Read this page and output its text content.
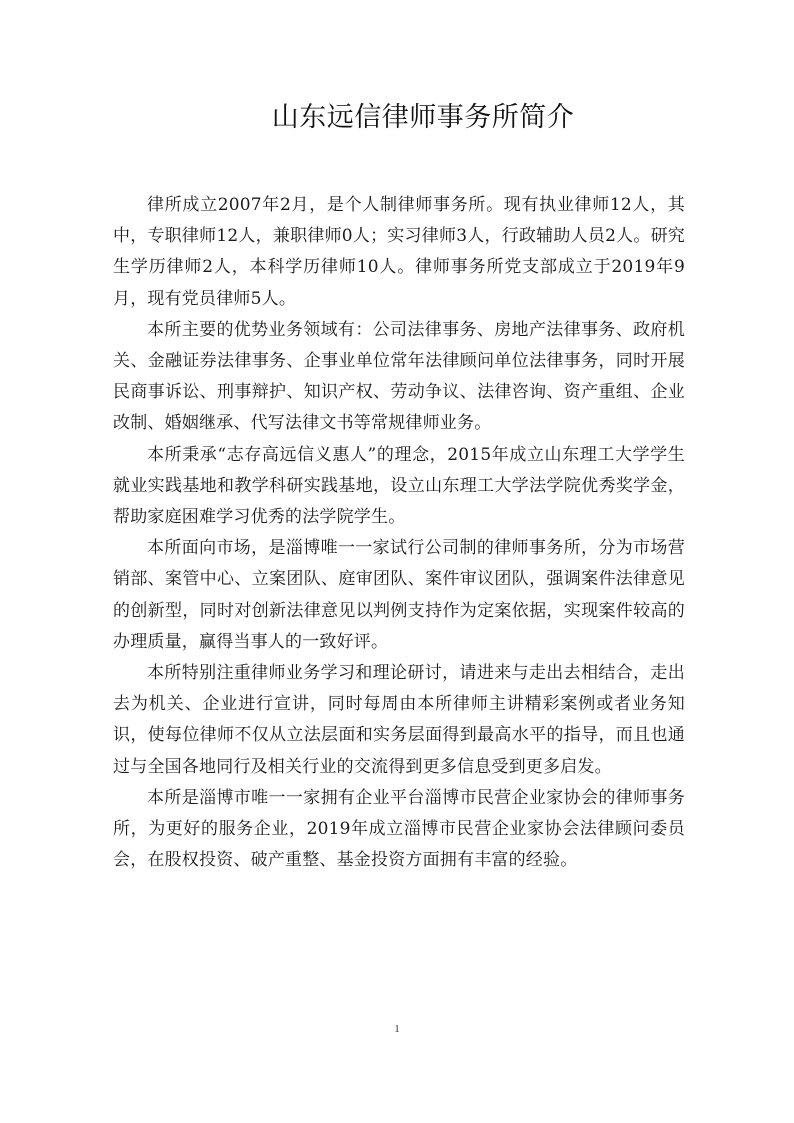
山东远信律师事务所简介

律所成立2007年2月，是个人制律师事务所。现有执业律师12人，其中，专职律师12人，兼职律师0人；实习律师3人，行政辅助人员2人。研究生学历律师2人，本科学历律师10人。律师事务所党支部成立于2019年9月，现有党员律师5人。

本所主要的优势业务领域有：公司法律事务、房地产法律事务、政府机关、金融证券法律事务、企事业单位常年法律顾问单位法律事务，同时开展民商事诉讼、刑事辩护、知识产权、劳动争议、法律咨询、资产重组、企业改制、婚姻继承、代写法律文书等常规律师业务。

本所秉承“志存高远信义惠人”的理念，2015年成立山东理工大学学生就业实践基地和教学科研实践基地，设立山东理工大学法学院优秀奖学金，帮助家庭困难学习优秀的法学院学生。

本所面向市场，是淄博唯一一家试行公司制的律师事务所，分为市场营销部、案管中心、立案团队、庭审团队、案件审议团队，强调案件法律意见的创新型，同时对创新法律意见以判例支持作为定案依据，实现案件较高的办理质量，赢得当事人的一致好评。

本所特别注重律师业务学习和理论研讨，请进来与走出去相结合，走出去为机关、企业进行宣讲，同时每周由本所律师主讲精彩案例或者业务知识，使每位律师不仅从立法层面和实务层面得到最高水平的指导，而且也通过与全国各地同行及相关行业的交流得到更多信息受到更多启发。

本所是淄博市唯一一家拥有企业平台淄博市民营企业家协会的律师事务所，为更好的服务企业，2019年成立淄博市民营企业家协会法律顾问委员会，在股权投资、破产重整、基金投资方面拥有丰富的经验。

1
